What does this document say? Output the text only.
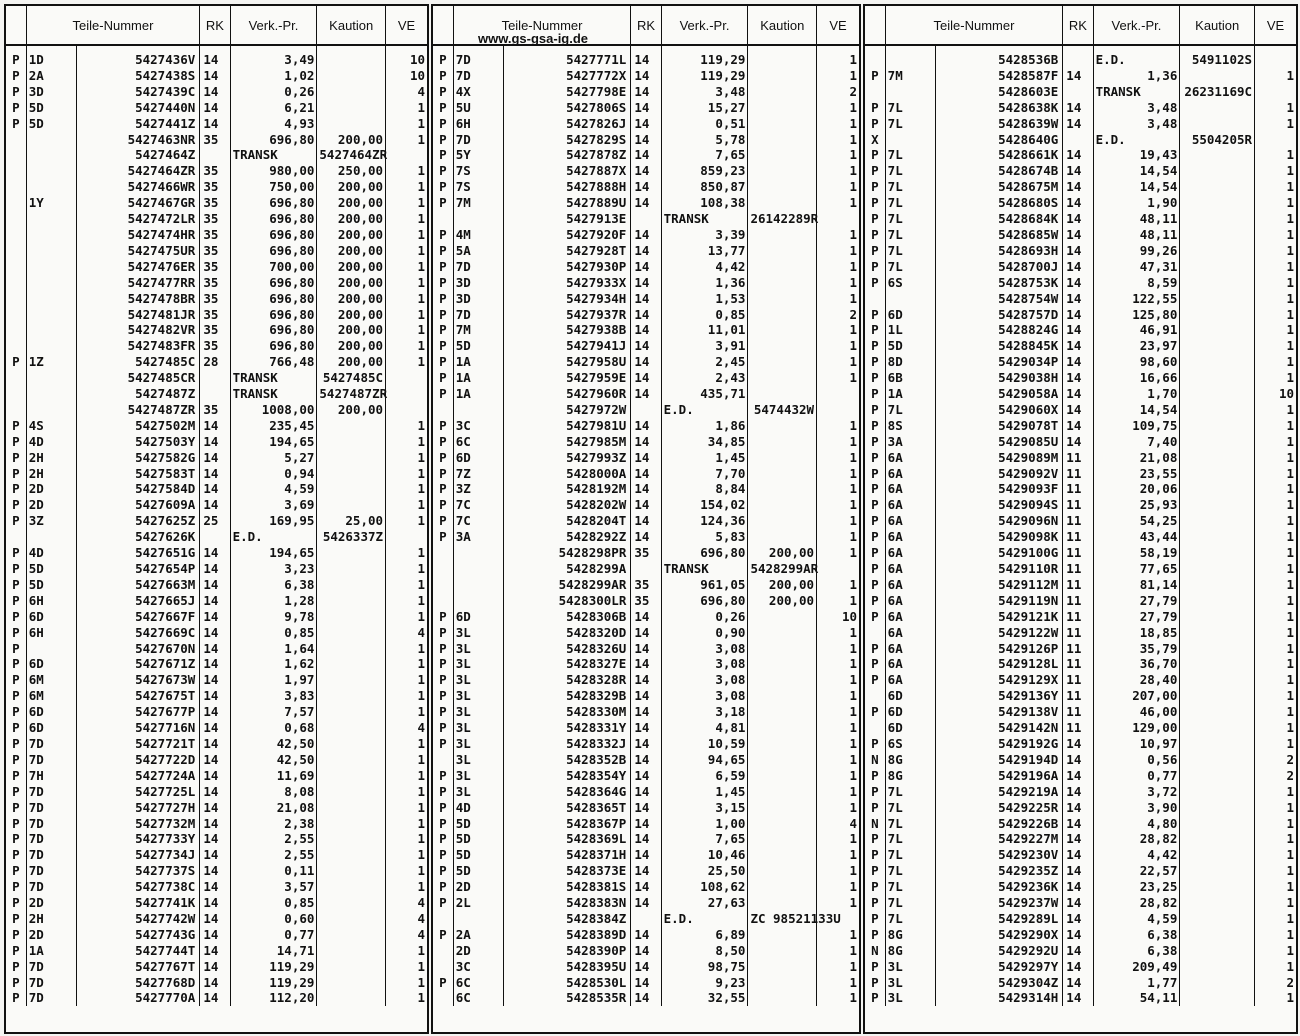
	Teile-Nummer		RK	Verk.-Pr.	Kaution	VE
P	1D	5427436V	14	3,49		10
P	2A	5427438S	14	1,02		10
P	3D	5427439C	14	0,26		4
P	5D	5427440N	14	6,21		1
P	5D	5427441Z	14	4,93		1
		5427463NR	35	696,80	200,00	1
		5427464Z		TRANSK	5427464ZR	
		5427464ZR	35	980,00	250,00	1
		5427466WR	35	750,00	200,00	1
	1Y	5427467GR	35	696,80	200,00	1
		5427472LR	35	696,80	200,00	1
		5427474HR	35	696,80	200,00	1
		5427475UR	35	696,80	200,00	1
		5427476ER	35	700,00	200,00	1
		5427477RR	35	696,80	200,00	1
		5427478BR	35	696,80	200,00	1
		5427481JR	35	696,80	200,00	1
		5427482VR	35	696,80	200,00	1
		5427483FR	35	696,80	200,00	1
P	1Z	5427485C	28	766,48	200,00	1
		5427485CR		TRANSK	5427485C	
		5427487Z		TRANSK	5427487ZR	
		5427487ZR	35	1008,00	200,00	
P	4S	5427502M	14	235,45		1
P	4D	5427503Y	14	194,65		1
P	2H	5427582G	14	5,27		1
P	2H	5427583T	14	0,94		1
P	2D	5427584D	14	4,59		1
P	2D	5427609A	14	3,69		1
P	3Z	5427625Z	25	169,95	25,00	1
		5427626K		E.D.	5426337Z	
P	4D	5427651G	14	194,65		1
P	5D	5427654P	14	3,23		1
P	5D	5427663M	14	6,38		1
P	6H	5427665J	14	1,28		1
P	6D	5427667F	14	9,78		1
P	6H	5427669C	14	0,85		4
P		5427670N	14	1,64		1
P	6D	5427671Z	14	1,62		1
P	6M	5427673W	14	1,97		1
P	6M	5427675T	14	3,83		1
P	6D	5427677P	14	7,57		1
P	6D	5427716N	14	0,68		4
P	7D	5427721T	14	42,50		1
P	7D	5427722D	14	42,50		1
P	7H	5427724A	14	11,69		1
P	7D	5427725L	14	8,08		1
P	7D	5427727H	14	21,08		1
P	7D	5427732M	14	2,38		1
P	7D	5427733Y	14	2,55		1
P	7D	5427734J	14	2,55		1
P	7D	5427737S	14	0,11		1
P	7D	5427738C	14	3,57		1
P	2D	5427741K	14	0,85		4
P	2H	5427742W	14	0,60		4
P	2D	5427743G	14	0,77		4
P	1A	5427744T	14	14,71		1
P	7D	5427767T	14	119,29		1
P	7D	5427768D	14	119,29		1
P	7D	5427770A	14	112,20		1
	Teile-Nummer		RK	Verk.-Pr.	Kaution	VE
P	7D	5427771L	14	119,29		1
P	7D	5427772X	14	119,29		1
P	4X	5427798E	14	3,48		2
P	5U	5427806S	14	15,27		1
P	6H	5427826J	14	0,51		1
P	7D	5427829S	14	5,78		1
P	5Y	5427878Z	14	7,65		1
P	7S	5427887X	14	859,23		1
P	7S	5427888H	14	850,87		1
P	7M	5427889U	14	108,38		1
		5427913E		TRANSK	26142289R	
P	4M	5427920F	14	3,39		1
P	5A	5427928T	14	13,77		1
P	7D	5427930P	14	4,42		1
P	3D	5427933X	14	1,36		1
P	3D	5427934H	14	1,53		1
P	7D	5427937R	14	0,85		2
P	7M	5427938B	14	11,01		1
P	5D	5427941J	14	3,91		1
P	1A	5427958U	14	2,45		1
P	1A	5427959E	14	2,43		1
P	1A	5427960R	14	435,71		
		5427972W		E.D.	5474432W	
P	3C	5427981U	14	1,86		1
P	6C	5427985M	14	34,85		1
P	6D	5427993Z	14	1,45		1
P	7Z	5428000A	14	7,70		1
P	3Z	5428192M	14	8,84		1
P	7C	5428202W	14	154,02		1
P	7C	5428204T	14	124,36		1
P	3A	5428292Z	14	5,83		1
		5428298PR	35	696,80	200,00	1
		5428299A		TRANSK	5428299AR	
		5428299AR	35	961,05	200,00	1
		5428300LR	35	696,80	200,00	1
P	6D	5428306B	14	0,26		10
P	3L	5428320D	14	0,90		1
P	3L	5428326U	14	3,08		1
P	3L	5428327E	14	3,08		1
P	3L	5428328R	14	3,08		1
P	3L	5428329B	14	3,08		1
P	3L	5428330M	14	3,18		1
P	3L	5428331Y	14	4,81		1
P	3L	5428332J	14	10,59		1
	3L	5428352B	14	94,65		1
P	3L	5428354Y	14	6,59		1
P	3L	5428364G	14	1,45		1
P	4D	5428365T	14	3,15		1
P	5D	5428367P	14	1,00		4
P	5D	5428369L	14	7,65		1
P	5D	5428371H	14	10,46		1
P	5D	5428373E	14	25,50		1
P	2D	5428381S	14	108,62		1
P	2L	5428383N	14	27,63		1
		5428384Z		E.D.	ZC 98521133U	
P	2A	5428389D	14	6,89		1
	2D	5428390P	14	8,50		1
	3C	5428395U	14	98,75		1
P	6C	5428530L	14	9,23		1
	6C	5428535R	14	32,55		1
	Teile-Nummer		RK	Verk.-Pr.	Kaution	VE
		5428536B		E.D.	5491102S	
P	7M	5428587F	14	1,36		1
		5428603E		TRANSK	26231169C	
P	7L	5428638K	14	3,48		1
P	7L	5428639W	14	3,48		1
X		5428640G		E.D.	5504205R	
P	7L	5428661K	14	19,43		1
P	7L	5428674B	14	14,54		1
P	7L	5428675M	14	14,54		1
P	7L	5428680S	14	1,90		1
P	7L	5428684K	14	48,11		1
P	7L	5428685W	14	48,11		1
P	7L	5428693H	14	99,26		1
P	7L	5428700J	14	47,31		1
P	6S	5428753K	14	8,59		1
		5428754W	14	122,55		1
P	6D	5428757D	14	125,80		1
P	1L	5428824G	14	46,91		1
P	5D	5428845K	14	23,97		1
P	8D	5429034P	14	98,60		1
P	6B	5429038H	14	16,66		1
P	1A	5429058A	14	1,70		10
P	7L	5429060X	14	14,54		1
P	8S	5429078T	14	109,75		1
P	3A	5429085U	14	7,40		1
P	6A	5429089M	11	21,08		1
P	6A	5429092V	11	23,55		1
P	6A	5429093F	11	20,06		1
P	6A	5429094S	11	25,93		1
P	6A	5429096N	11	54,25		1
P	6A	5429098K	11	43,44		1
P	6A	5429100G	11	58,19		1
P	6A	5429110R	11	77,65		1
P	6A	5429112M	11	81,14		1
P	6A	5429119N	11	27,79		1
P	6A	5429121K	11	27,79		1
	6A	5429122W	11	18,85		1
P	6A	5429126P	11	35,79		1
P	6A	5429128L	11	36,70		1
P	6A	5429129X	11	28,40		1
	6D	5429136Y	11	207,00		1
P	6D	5429138V	11	46,00		1
	6D	5429142N	11	129,00		1
P	6S	5429192G	14	10,97		1
N	8G	5429194D	14	0,56		2
P	8G	5429196A	14	0,77		2
P	7L	5429219A	14	3,72		1
P	7L	5429225R	14	3,90		1
N	7L	5429226B	14	4,80		1
P	7L	5429227M	14	28,82		1
P	7L	5429230V	14	4,42		1
P	7L	5429235Z	14	22,57		1
P	7L	5429236K	14	23,25		1
P	7L	5429237W	14	28,82		1
P	7L	5429289L	14	4,59		1
P	8G	5429290X	14	6,38		1
N	8G	5429292U	14	6,38		1
P	3L	5429297Y	14	209,49		1
P	3L	5429304Z	14	1,77		2
P	3L	5429314H	14	54,11		1
www.gs-gsa-ig.de
